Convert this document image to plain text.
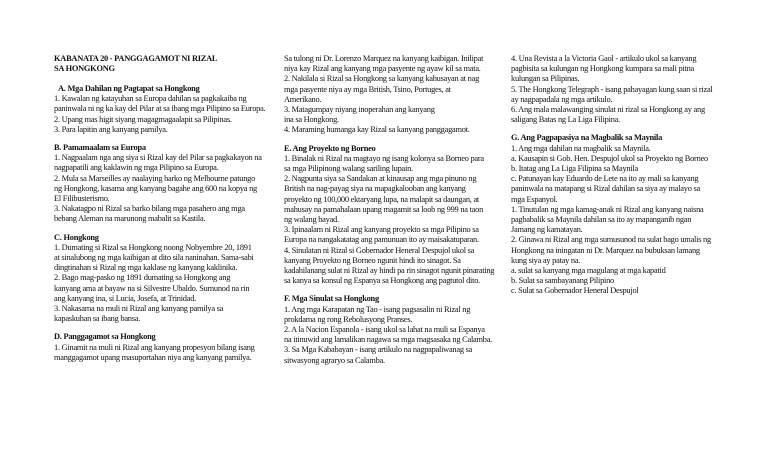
KABANATA 20 - PANGGAGAMOT NI RIZAL
SA HONGKONG
A. Mga Dahilan ng Pagtapat sa Hongkong
1. Kawalan ng katayuhan sa Europa dahilan sa pagkakaiba ng
paninwala ni ng ka kay del Pilar at sa ibang mga Pilipino sa Europa.
2. Upang mas higit siyang magagmagaalapit sa Pilipinas.
3. Para lapitin ang kanyang pamilya.
B. Pamamaalam sa Europa
1. Nagpaalam nga ang siya si Rizal kay del Pilar sa pagkakayon na
nagpapatili ang kaklawin ng mga Pilipino sa Europa.
2. Mula sa Marseilles ay naalaying barko ng Melbourne patungo
ng Hongkong, kasama ang kanyang bagahe ang 600 na kopya ng
El Filibusterismo.
3. Nakatagpo ni Rizal sa barko bilang mga pasahero ang mga
bebang Aleman na marunong mabalit sa Kastila.
C. Hongkong
1. Dumating si Rizal sa Hongkong noong Nobyembre 20, 1891
at sinalubong ng mga kaibigan at dito sila naninahan. Sama-sabi
dingtinahan si Rizal ng mga kaklase ng kanyang kaklinika.
2. Bago mag-pasko ng 1891 dumating sa Hongkong ang
kanyang ama at bayaw na si Silvestre Ubaldo. Sumunod na rin
ang kanyang ina, si Lucia, Josefa, at Trinidad.
3. Nakasama na muli ni Rizal ang kanyang pamilya sa
kapaskuhan sa ibang bansa.
D. Panggagamot sa Hongkong
1. Ginamit na muli ni Rizal ang kanyang propesyon bilang isang
manggagamot upang masuportahan niya ang kanyang pamilya.
Sa tulong ni Dr. Lorenzo Marquez na kanyang kaibigan. Inilipat
niya kay Rizal ang kanyang mga pasyente ng ayaw kil sa mata.
2. Nakilala si Rizal sa Hongkong sa kanyang kahusayan at nag
mga pasyente niya ay mga British, Tsino, Portuges, at
Amerikano.
3. Matagumpay niyang inoperahan ang kanyang
ina sa Hongkong.
4. Maraming humanga kay Rizal sa kanyang panggagamot.
E. Ang Proyekto ng Borneo
1. Binalak ni Rizal na magtayo ng isang kolonya sa Borneo para
sa mga Pilipinong walang sariling lupain.
2. Nagpunta siya sa Sandakan at kinausap ang mga pinuno ng
British na nag-payag siya na mapagkalooban ang kanyang
proyekto ng 100,000 ektaryang lupa, na malapit sa daungan, at
mahusay na pamahalaan upang magamit sa loob ng 999 na taon
ng walang bayad.
3. Ipinaalam ni Rizal ang kanyang proyekto sa mga Pilipino sa
Europa na nangakatatag ang pamunuan ito ay maisakatuparan.
4. Sinulatan ni Rizal si Gobernador Heneral Despujol ukol sa
kanyang Proyekto ng Borneo ngunit hindi ito sinagot. Sa
kadahilanang sulat ni Rizal ay hindi pa rin sinagot ngunit pinarating
sa kanya sa konsul ng Espanya sa Hongkong ang pagtutol dito.
F. Mga Sinulat sa Hongkong
1. Ang mga Karapatan ng Tao - isang pagsasalin ni Rizal ng
prokdama ng rong Rebolusyong Pranses.
2. A la Nacion Espanola - isang ukol sa lahat na muli sa Espanya
na itinuwid ang lamalikan nagawa sa mga magsasaka ng Calamba.
3. Sa Mga Kababayan - isang artikulo na nagpapaliwanag sa
sitwasyong agraryo sa Calamba.
4. Una Revista a la Victoria Gaol - artikulo ukol sa kanyang
pagbisita sa kulungan ng Hongkong kumpara sa mali pitna
kulungan sa Pilipinas.
5. The Hongkong Telegraph - isang pahayagan kung saan si rizal
ay nagpapadala ng mga artikulo.
6. Ang mala malawanging sinulat ni rizal sa Hongkong ay ang
saligang Batas ng La Liga Filipina.
G. Ang Pagpapasiya na Magbalik sa Maynila
1. Ang mga dahilan na magbalik sa Maynila.
a. Kausapin si Gob. Hen. Despujol ukol sa Proyekto ng Borneo
b. Itatag ang La Liga Filipina sa Maynila
c. Patunayan kay Eduardo de Lete na ito ay mali sa kanyang
paninwala na matapang si Rizal dahilan sa siya ay malayo sa
mga Espanyol.
1. Tinutulan ng mga kamag-anak ni Rizal ang kanyang naisna
pagbabalik sa Maynila dahilan sa ito ay mapanganib ngan
Jamang ng kamatayan.
2. Ginawa ni Rizal ang mga sumusunod na sulat bago umalis ng
Hongkong na iningatan ni Dr. Marquez na bubuksan lamang
kung siya ay patay na.
a. sulat sa kanyang mga magulang at mga kapatid
b. Sulat sa sambayanang Pilipino
c. Sulat sa Gobernador Heneral Despujol
